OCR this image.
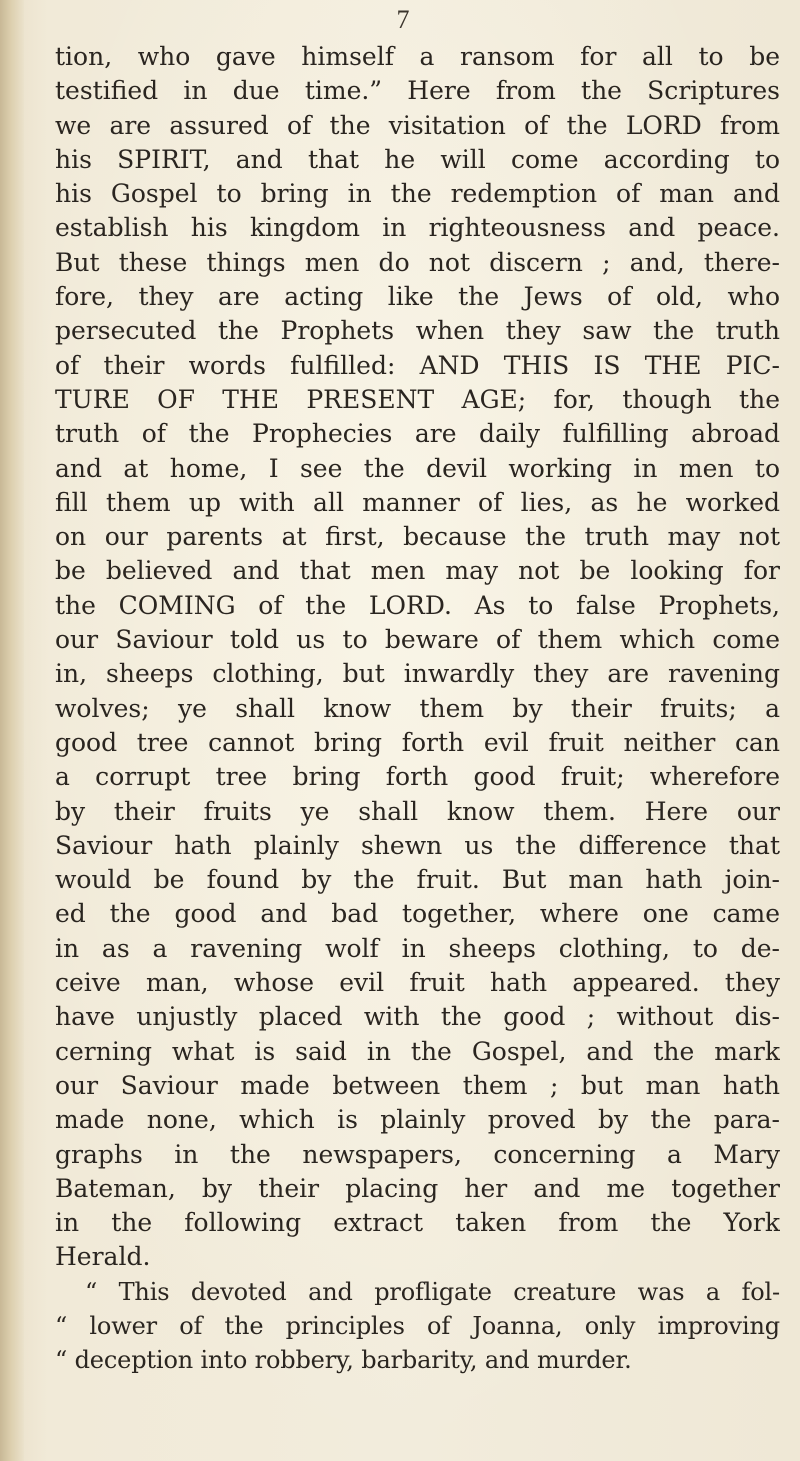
7
tion, who gave himself a ransom for all to be
testified in due time.” Here from the Scriptures
we are assured of the visitation of the LORD from
his SPIRIT, and that he will come according to
his Gospel to bring in the redemption of man and
establish his kingdom in righteousness and peace.
But these things men do not discern ; and, there-
fore, they are acting like the Jews of old, who
persecuted the Prophets when they saw the truth
of their words fulfilled: AND THIS IS THE PIC-
TURE OF THE PRESENT AGE; for, though the
truth of the Prophecies are daily fulfilling abroad
and at home, I see the devil working in men to
fill them up with all manner of lies, as he worked
on our parents at first, because the truth may not
be believed and that men may not be looking for
the COMING of the LORD. As to false Prophets,
our Saviour told us to beware of them which come
in, sheeps clothing, but inwardly they are ravening
wolves; ye shall know them by their fruits; a
good tree cannot bring forth evil fruit neither can
a corrupt tree bring forth good fruit; wherefore
by their fruits ye shall know them. Here our
Saviour hath plainly shewn us the difference that
would be found by the fruit. But man hath join-
ed the good and bad together, where one came
in as a ravening wolf in sheeps clothing, to de-
ceive man, whose evil fruit hath appeared. they
have unjustly placed with the good ; without dis-
cerning what is said in the Gospel, and the mark
our Saviour made between them ; but man hath
made none, which is plainly proved by the para-
graphs in the newspapers, concerning a Mary
Bateman, by their placing her and me together
in the following extract taken from the York
Herald.
“ This devoted and profligate creature was a fol-
“ lower of the principles of Joanna, only improving
“ deception into robbery, barbarity, and murder.
